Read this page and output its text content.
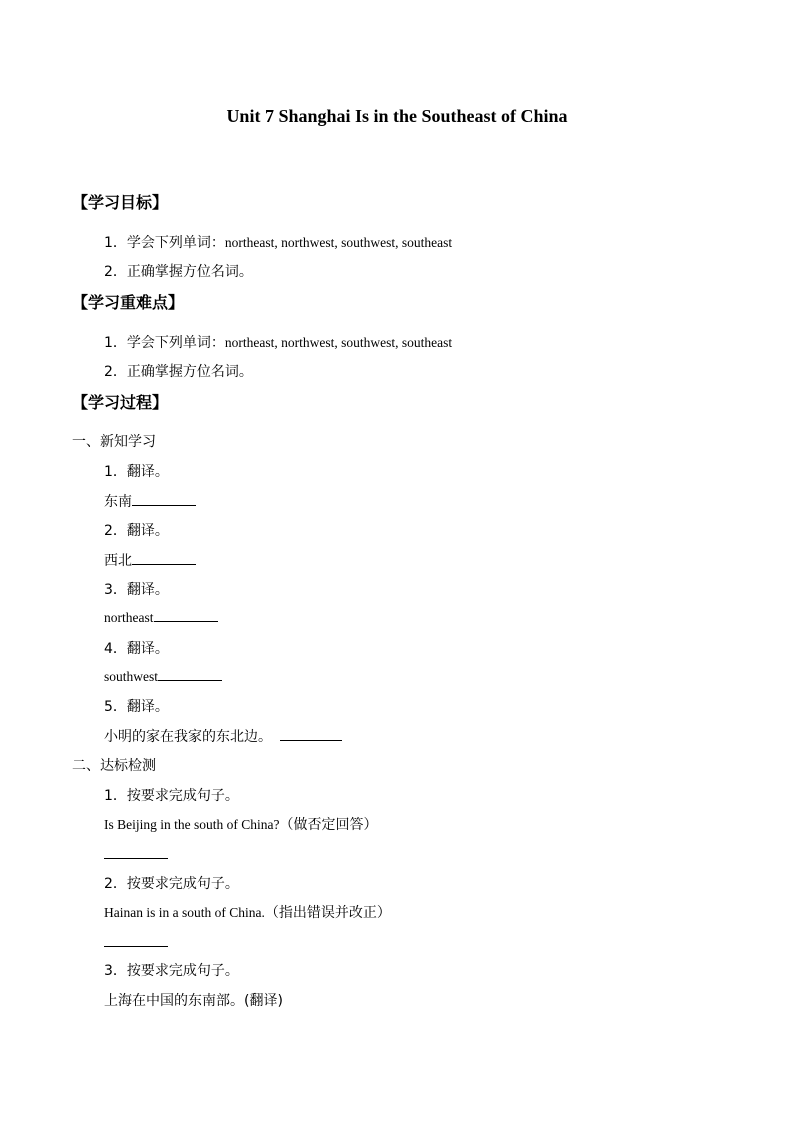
Unit 7 Shanghai Is in the Southeast of China
【学习目标】
1．学会下列单词：northeast, northwest, southwest, southeast
2．正确掌握方位名词。
【学习重难点】
1．学会下列单词：northeast, northwest, southwest, southeast
2．正确掌握方位名词。
【学习过程】
一、新知学习
1．翻译。
东南
2．翻译。
西北
3．翻译。
northeast
4．翻译。
southwest
5．翻译。
小明的家在我家的东北边。
二、达标检测
1．按要求完成句子。
Is Beijing in the south of China?（做否定回答）
2．按要求完成句子。
Hainan is in a south of China.（指出错误并改正）
3．按要求完成句子。
上海在中国的东南部。(翻译)
